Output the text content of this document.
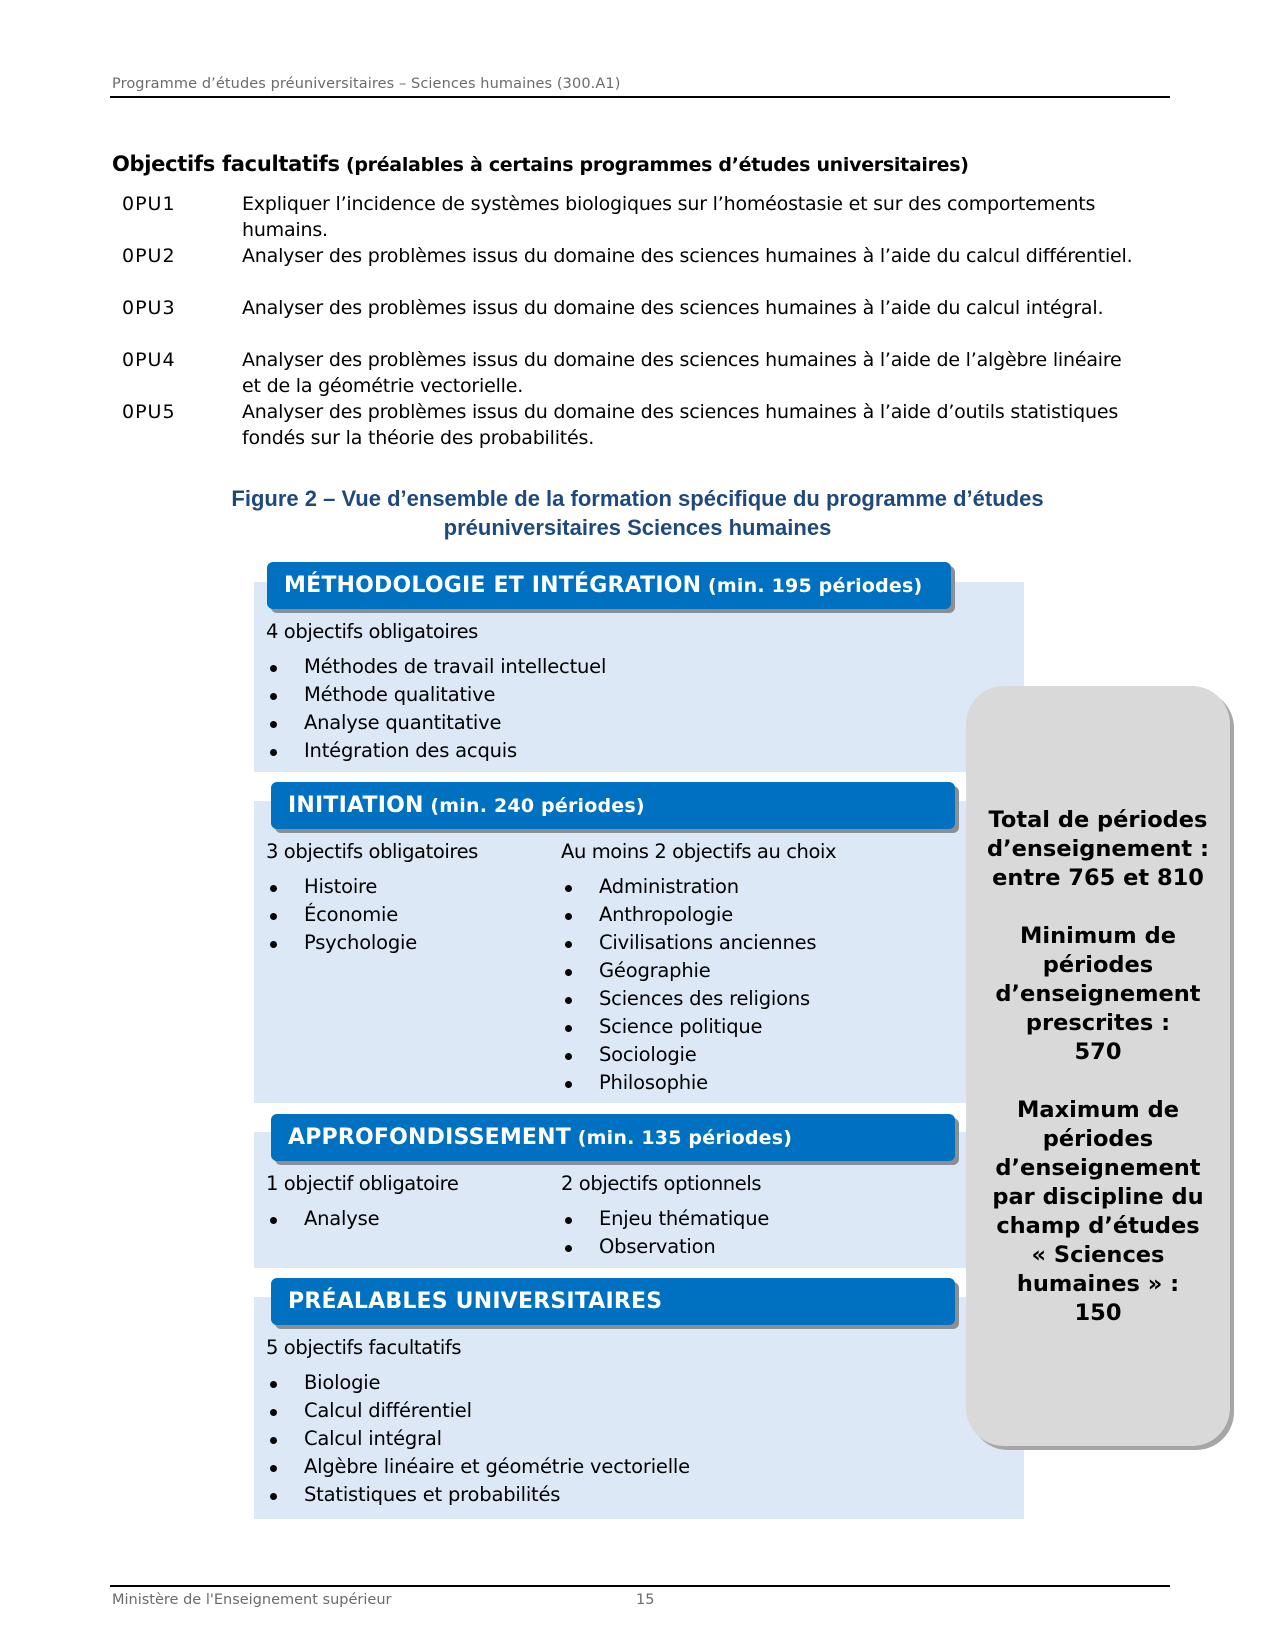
Programme d’études préuniversitaires – Sciences humaines (300.A1)
Objectifs facultatifs (préalables à certains programmes d’études universitaires)
0PU1	Expliquer l’incidence de systèmes biologiques sur l’homéostasie et sur des comportements humains.
0PU2	Analyser des problèmes issus du domaine des sciences humaines à l’aide du calcul différentiel.
0PU3	Analyser des problèmes issus du domaine des sciences humaines à l’aide du calcul intégral.
0PU4	Analyser des problèmes issus du domaine des sciences humaines à l’aide de l’algèbre linéaire et de la géométrie vectorielle.
0PU5	Analyser des problèmes issus du domaine des sciences humaines à l’aide d’outils statistiques fondés sur la théorie des probabilités.
Figure 2 – Vue d’ensemble de la formation spécifique du programme d’études
préuniversitaires Sciences humaines
Total de périodes
d’enseignement :
entre 765 et 810
Minimum de
périodes
d’enseignement
prescrites :
570
Maximum de
périodes
d’enseignement
par discipline du
champ d’études
« Sciences
humaines » :
150
MÉTHODOLOGIE ET INTÉGRATION (min. 195 périodes)
4 objectifs obligatoires
Méthodes de travail intellectuel
Méthode qualitative
Analyse quantitative
Intégration des acquis
INITIATION (min. 240 périodes)
3 objectifs obligatoires
Histoire
Économie
Psychologie
Au moins 2 objectifs au choix
Administration
Anthropologie
Civilisations anciennes
Géographie
Sciences des religions
Science politique
Sociologie
Philosophie
APPROFONDISSEMENT (min. 135 périodes)
1 objectif obligatoire
Analyse
2 objectifs optionnels
Enjeu thématique
Observation
PRÉALABLES UNIVERSITAIRES
5 objectifs facultatifs
Biologie
Calcul différentiel
Calcul intégral
Algèbre linéaire et géométrie vectorielle
Statistiques et probabilités
Ministère de l'Enseignement supérieur	15
